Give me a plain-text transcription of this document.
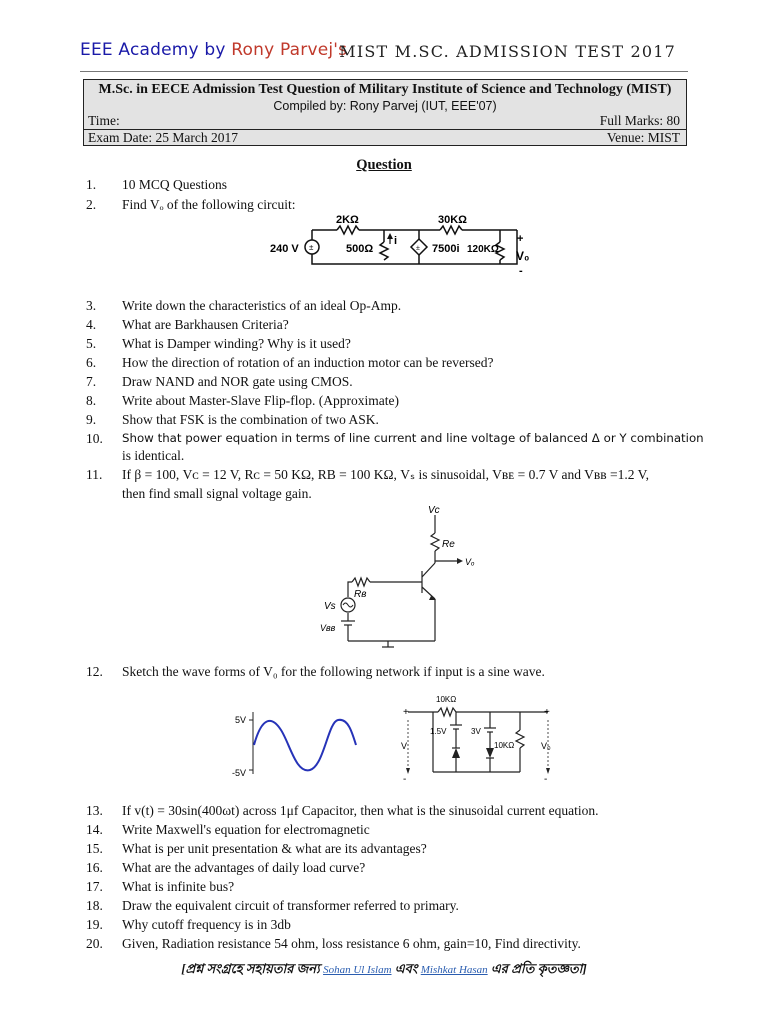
EEE Academy by Rony Parvej's
MIST M.SC. ADMISSION TEST 2017
M.Sc. in EECE Admission Test Question of Military Institute of Science and Technology (MIST)
Compiled by: Rony Parvej (IUT, EEE'07)
Time:	Full Marks: 80
Exam Date: 25 March 2017	Venue: MIST
Question
1.	10 MCQ Questions
2.	Find Vₒ of the following circuit:
±	±
2KΩ	30KΩ
240 V	500Ω
i
7500i 120KΩ
+
V₀
-
3.	Write down the characteristics of an ideal Op-Amp.
4.	What are Barkhausen Criteria?
5.	What is Damper winding? Why is it used?
6.	How the direction of rotation of an induction motor can be reversed?
7.	Draw NAND and NOR gate using CMOS.
8.	Write about Master-Slave Flip-flop. (Approximate)
9.	Show that FSK is the combination of two ASK.
10.	Show that power equation in terms of line current and line voltage of balanced Δ or Y combination
is identical.
11.	If β = 100, Vᴄ = 12 V, Rᴄ = 50 KΩ, RB = 100 KΩ, Vₛ is sinusoidal, Vʙᴇ = 0.7 V and Vʙʙ =1.2 V,
then find small signal voltage gain.
Vc
Re
Vₒ
Rʙ
Vs
Vʙʙ
12.	Sketch the wave forms of V₀ for the following network if input is a sine wave.
5V
-5V
10KΩ
+	+
1.5V	3V
10KΩ
V	V₀
-	-
13.	If v(t) = 30sin(400ωt) across 1μf Capacitor, then what is the sinusoidal current equation.
14.	Write Maxwell's equation for electromagnetic
15.	What is per unit presentation & what are its advantages?
16.	What are the advantages of daily load curve?
17.	What is infinite bus?
18.	Draw the equivalent circuit of transformer referred to primary.
19.	Why cutoff frequency is in 3db
20.	Given, Radiation resistance 54 ohm, loss resistance 6 ohm, gain=10, Find directivity.
[প্রশ্ন সংগ্রহে সহায়তার জন্য Sohan Ul Islam এবং Mishkat Hasan এর প্রতি কৃতজ্ঞতা]
